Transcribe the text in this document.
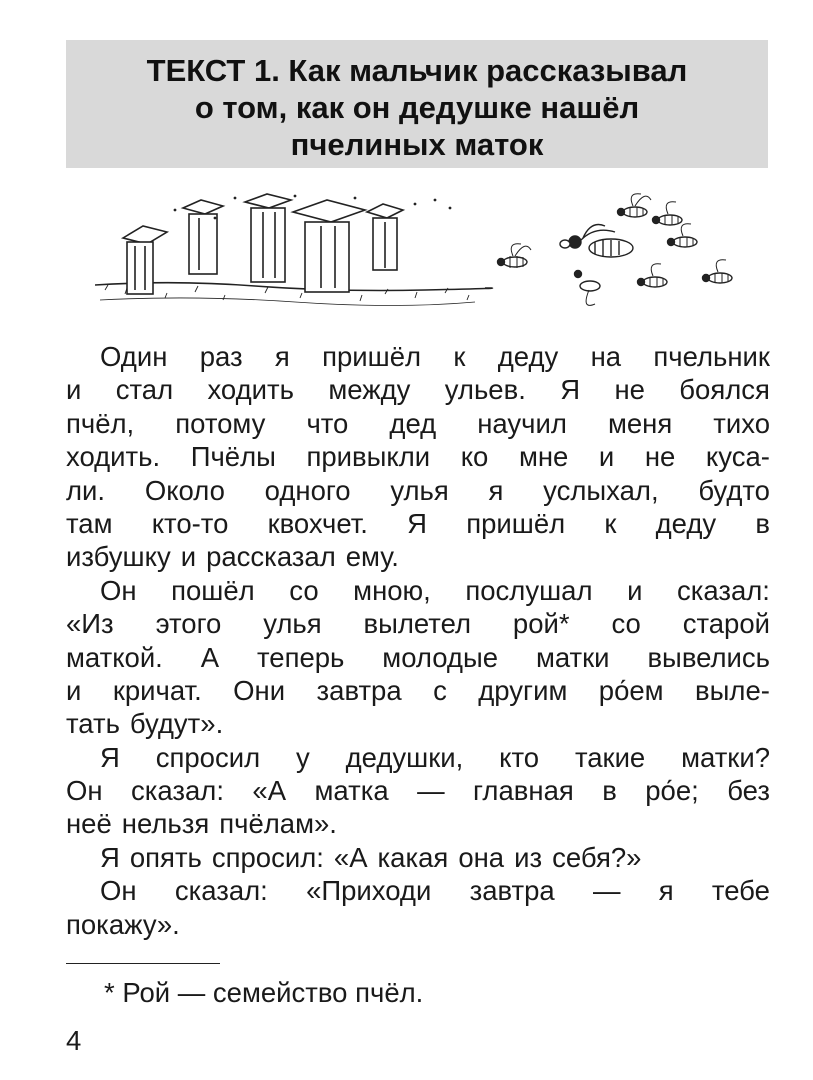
ТЕКСТ 1. Как мальчик рассказывал
о том, как он дедушке нашёл
пчелиных маток
Один раз я пришёл к деду на пчельник
и стал ходить между ульев. Я не боялся
пчёл, потому что дед научил меня тихо
ходить. Пчёлы привыкли ко мне и не куса-
ли. Около одного улья я услыхал, будто
там кто-то квохчет. Я пришёл к деду в
избушку и рассказал ему.
Он пошёл со мною, послушал и сказал:
«Из этого улья вылетел рой* со старой
маткой. А теперь молодые матки вывелись
и кричат. Они завтра с другим ро́ем выле-
тать будут».
Я спросил у дедушки, кто такие матки?
Он сказал: «А матка — главная в ро́е; без
неё нельзя пчёлам».
Я опять спросил: «А какая она из себя?»
Он сказал: «Приходи завтра — я тебе
покажу».
* Рой — семейство пчёл.
4
